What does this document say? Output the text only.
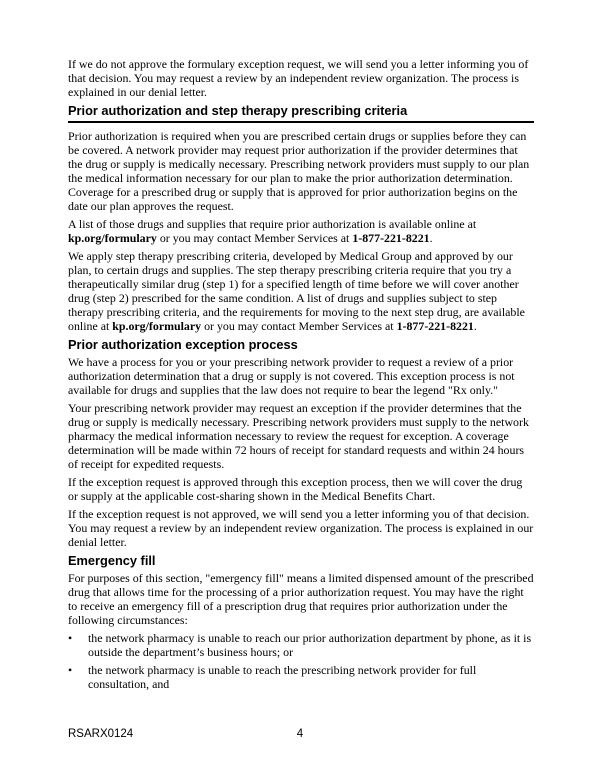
If we do not approve the formulary exception request, we will send you a letter informing you of that decision. You may request a review by an independent review organization. The process is explained in our denial letter.

Prior authorization and step therapy prescribing criteria

Prior authorization is required when you are prescribed certain drugs or supplies before they can be covered. A network provider may request prior authorization if the provider determines that the drug or supply is medically necessary. Prescribing network providers must supply to our plan the medical information necessary for our plan to make the prior authorization determination. Coverage for a prescribed drug or supply that is approved for prior authorization begins on the date our plan approves the request.

A list of those drugs and supplies that require prior authorization is available online at kp.org/formulary or you may contact Member Services at 1-877-221-8221.

We apply step therapy prescribing criteria, developed by Medical Group and approved by our plan, to certain drugs and supplies. The step therapy prescribing criteria require that you try a therapeutically similar drug (step 1) for a specified length of time before we will cover another drug (step 2) prescribed for the same condition. A list of drugs and supplies subject to step therapy prescribing criteria, and the requirements for moving to the next step drug, are available online at kp.org/formulary or you may contact Member Services at 1-877-221-8221.

Prior authorization exception process

We have a process for you or your prescribing network provider to request a review of a prior authorization determination that a drug or supply is not covered. This exception process is not available for drugs and supplies that the law does not require to bear the legend "Rx only."

Your prescribing network provider may request an exception if the provider determines that the drug or supply is medically necessary. Prescribing network providers must supply to the network pharmacy the medical information necessary to review the request for exception. A coverage determination will be made within 72 hours of receipt for standard requests and within 24 hours of receipt for expedited requests.

If the exception request is approved through this exception process, then we will cover the drug or supply at the applicable cost-sharing shown in the Medical Benefits Chart.

If the exception request is not approved, we will send you a letter informing you of that decision. You may request a review by an independent review organization. The process is explained in our denial letter.

Emergency fill

For purposes of this section, "emergency fill" means a limited dispensed amount of the prescribed drug that allows time for the processing of a prior authorization request. You may have the right to receive an emergency fill of a prescription drug that requires prior authorization under the following circumstances:

•	the network pharmacy is unable to reach our prior authorization department by phone, as it is outside the department’s business hours; or
•	the network pharmacy is unable to reach the prescribing network provider for full consultation, and
RSARX0124	4
